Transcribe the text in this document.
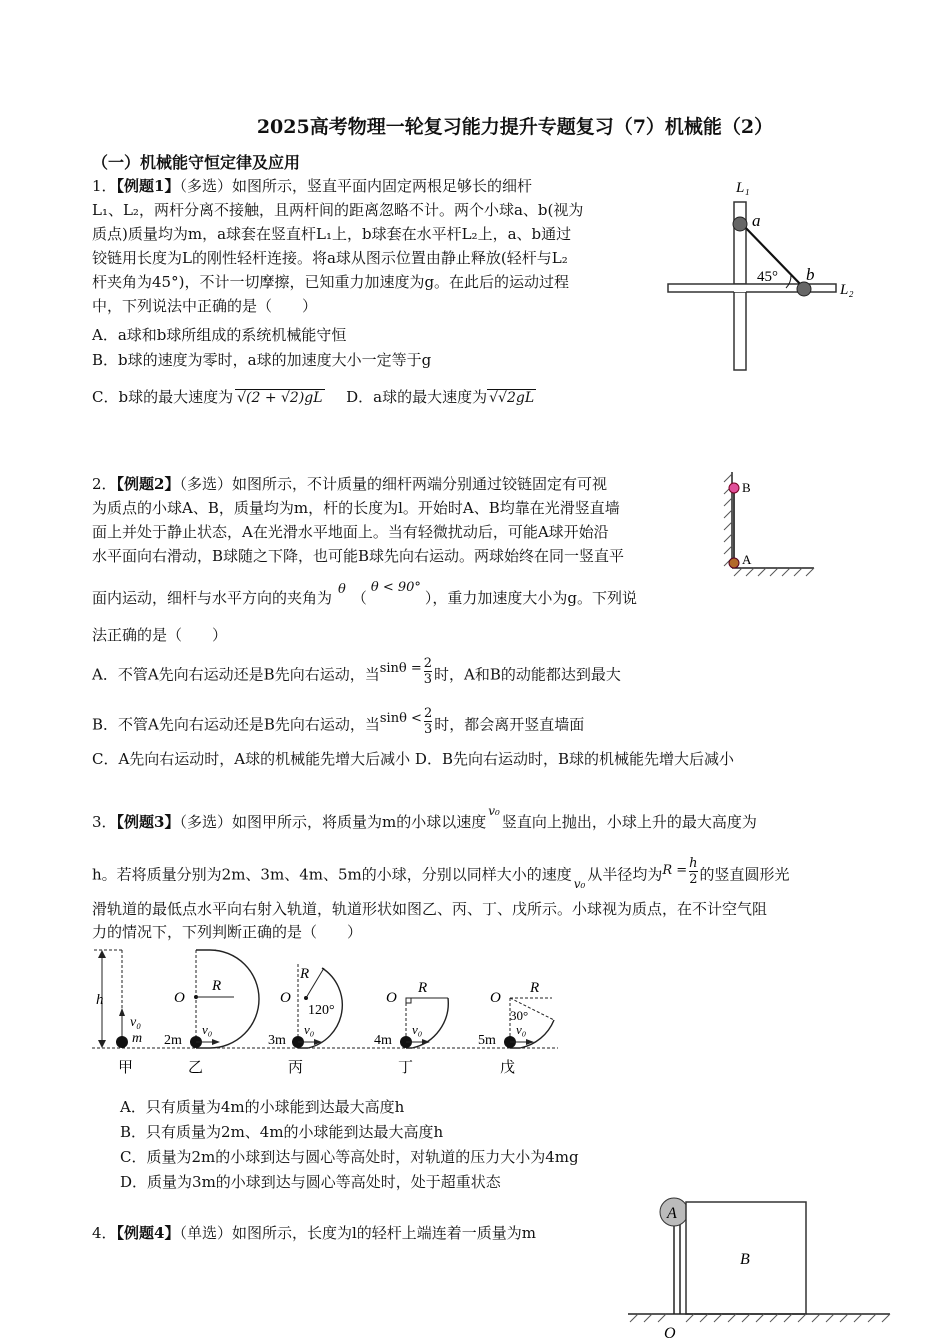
2025高考物理一轮复习能力提升专题复习（7）机械能（2）
（一）机械能守恒定律及应用
1．【例题1】（多选）如图所示，竖直平面内固定两根足够长的细杆
L₁、L₂，两杆分离不接触，且两杆间的距离忽略不计。两个小球a、b(视为
质点)质量均为m，a球套在竖直杆L₁上，b球套在水平杆L₂上，a、b通过
铰链用长度为L的刚性轻杆连接。将a球从图示位置由静止释放(轻杆与L₂
杆夹角为45°)，不计一切摩擦，已知重力加速度为g。在此后的运动过程
中，下列说法中正确的是（　　）
A．a球和b球所组成的系统机械能守恒
B．b球的速度为零时，a球的加速度大小一定等于g
C．b球的最大速度为 √(2 + √2)gL D．a球的最大速度为 √√2gL
L₁
a
b
45°
L₂
2．【例题2】（多选）如图所示，不计质量的细杆两端分别通过铰链固定有可视
为质点的小球A、B，质量均为m，杆的长度为l。开始时A、B均靠在光滑竖直墙
面上并处于静止状态，A在光滑水平地面上。当有轻微扰动后，可能A球开始沿
水平面向右滑动，B球随之下降，也可能B球先向右运动。两球始终在同一竖直平
面内运动，细杆与水平方向的夹角为 θ （θ < 90°），重力加速度大小为g。下列说
法正确的是（　　）
A．不管A先向右运动还是B先向右运动，当$\sin\theta = \frac{2}{3}$ 时，A和B的动能都达到最大
B．不管A先向右运动还是B先向右运动，当$\sin\theta < \frac{2}{3}$ 时，都会离开竖直墙面
C．A先向右运动时，A球的机械能先增大后减小 D．B先向右运动时，B球的机械能先增大后减小
B
A
3．【例题3】（多选）如图甲所示，将质量为m的小球以速度$^{v_0}$竖直向上抛出，小球上升的最大高度为
h。若将质量分别为2m、3m、4m、5m的小球，分别以同样大小的速度 $_{v_0}$ 从半径均为$R = \frac{h}{2}$ 的竖直圆形光
滑轨道的最低点水平向右射入轨道，轨道形状如图乙、丙、丁、戊所示。小球视为质点，在不计空气阻
力的情况下，下列判断正确的是（　　）
h
v₀
m
甲
O
R
v₀
2m
乙
O
R
120°
v₀
3m
丙
O
R
v₀
4m
丁
O
R
30°
v₀
5m
戊
A．只有质量为4m的小球能到达最大高度h
B．只有质量为2m、4m的小球能到达最大高度h
C．质量为2m的小球到达与圆心等高处时，对轨道的压力大小为4mg
D．质量为3m的小球到达与圆心等高处时，处于超重状态
4．【例题4】（单选）如图所示，长度为l的轻杆上端连着一质量为m
A
B
O
